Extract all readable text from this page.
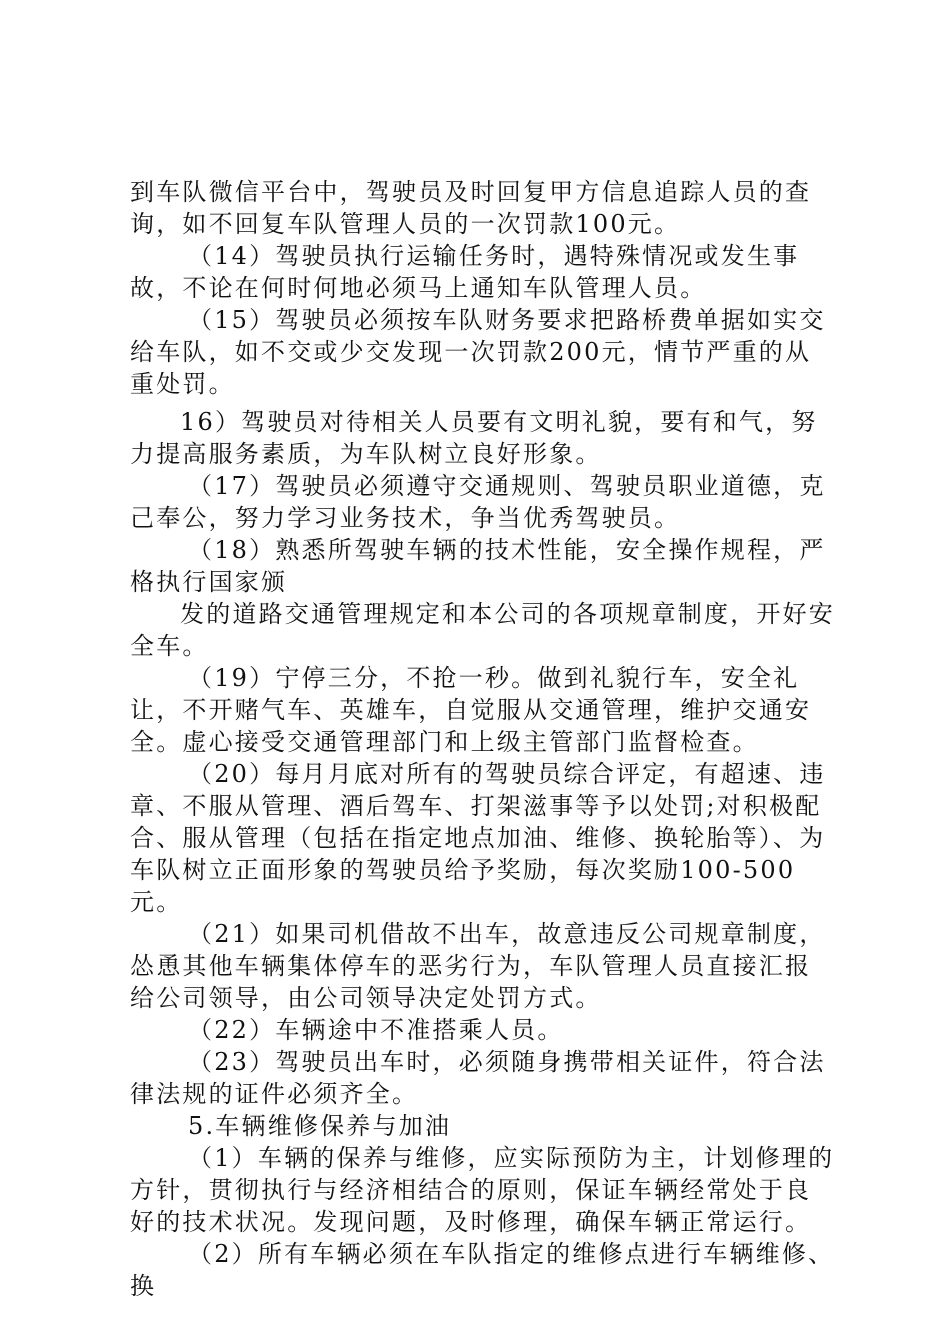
到车队微信平台中，驾驶员及时回复甲方信息追踪人员的查询，如不回复车队管理人员的一次罚款100元。

（14）驾驶员执行运输任务时，遇特殊情况或发生事故，不论在何时何地必须马上通知车队管理人员。

（15）驾驶员必须按车队财务要求把路桥费单据如实交给车队，如不交或少交发现一次罚款200元，情节严重的从重处罚。

16）驾驶员对待相关人员要有文明礼貌，要有和气，努力提高服务素质，为车队树立良好形象。

（17）驾驶员必须遵守交通规则、驾驶员职业道德，克己奉公，努力学习业务技术，争当优秀驾驶员。

（18）熟悉所驾驶车辆的技术性能，安全操作规程，严格执行国家颁

发的道路交通管理规定和本公司的各项规章制度，开好安全车。

（19）宁停三分，不抢一秒。做到礼貌行车，安全礼让，不开赌气车、英雄车，自觉服从交通管理，维护交通安全。虚心接受交通管理部门和上级主管部门监督检查。

（20）每月月底对所有的驾驶员综合评定，有超速、违章、不服从管理、酒后驾车、打架滋事等予以处罚;对积极配合、服从管理（包括在指定地点加油、维修、换轮胎等）、为车队树立正面形象的驾驶员给予奖励，每次奖励100-500元。

（21）如果司机借故不出车，故意违反公司规章制度，怂恿其他车辆集体停车的恶劣行为，车队管理人员直接汇报给公司领导，由公司领导决定处罚方式。

（22）车辆途中不准搭乘人员。

（23）驾驶员出车时，必须随身携带相关证件，符合法律法规的证件必须齐全。

5.车辆维修保养与加油

（1）车辆的保养与维修，应实际预防为主，计划修理的方针，贯彻执行与经济相结合的原则，保证车辆经常处于良好的技术状况。发现问题，及时修理，确保车辆正常运行。

（2）所有车辆必须在车队指定的维修点进行车辆维修、换
